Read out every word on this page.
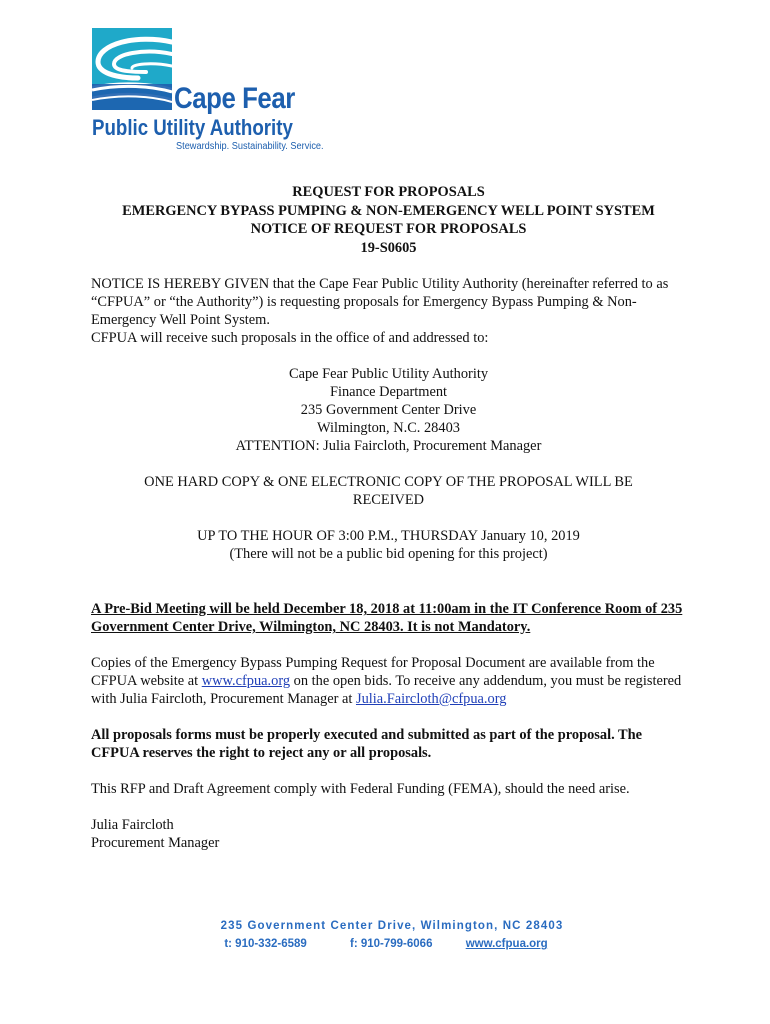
Cape Fear
Public Utility Authority
Stewardship. Sustainability. Service.
REQUEST FOR PROPOSALS
EMERGENCY BYPASS PUMPING & NON-EMERGENCY WELL POINT SYSTEM
NOTICE OF REQUEST FOR PROPOSALS
19-S0605

NOTICE IS HEREBY GIVEN that the Cape Fear Public Utility Authority (hereinafter referred to as “CFPUA” or “the Authority”) is requesting proposals for Emergency Bypass Pumping & Non-Emergency Well Point System.

CFPUA will receive such proposals in the office of and addressed to:

Cape Fear Public Utility Authority
Finance Department
235 Government Center Drive
Wilmington, N.C. 28403
ATTENTION: Julia Faircloth, Procurement Manager
ONE HARD COPY & ONE ELECTRONIC COPY OF THE PROPOSAL WILL BE
RECEIVED
UP TO THE HOUR OF 3:00 P.M., THURSDAY January 10, 2019
(There will not be a public bid opening for this project)

A Pre-Bid Meeting will be held December 18, 2018 at 11:00am in the IT Conference Room of 235 Government Center Drive, Wilmington, NC 28403. It is not Mandatory.

Copies of the Emergency Bypass Pumping Request for Proposal Document are available from the CFPUA website at www.cfpua.org on the open bids. To receive any addendum, you must be registered with Julia Faircloth, Procurement Manager at Julia.Faircloth@cfpua.org

All proposals forms must be properly executed and submitted as part of the proposal. The CFPUA reserves the right to reject any or all proposals.

This RFP and Draft Agreement comply with Federal Funding (FEMA), should the need arise.

Julia Faircloth
Procurement Manager
235 Government Center Drive, Wilmington, NC 28403
t: 910-332-6589	f: 910-799-6066	www.cfpua.org
